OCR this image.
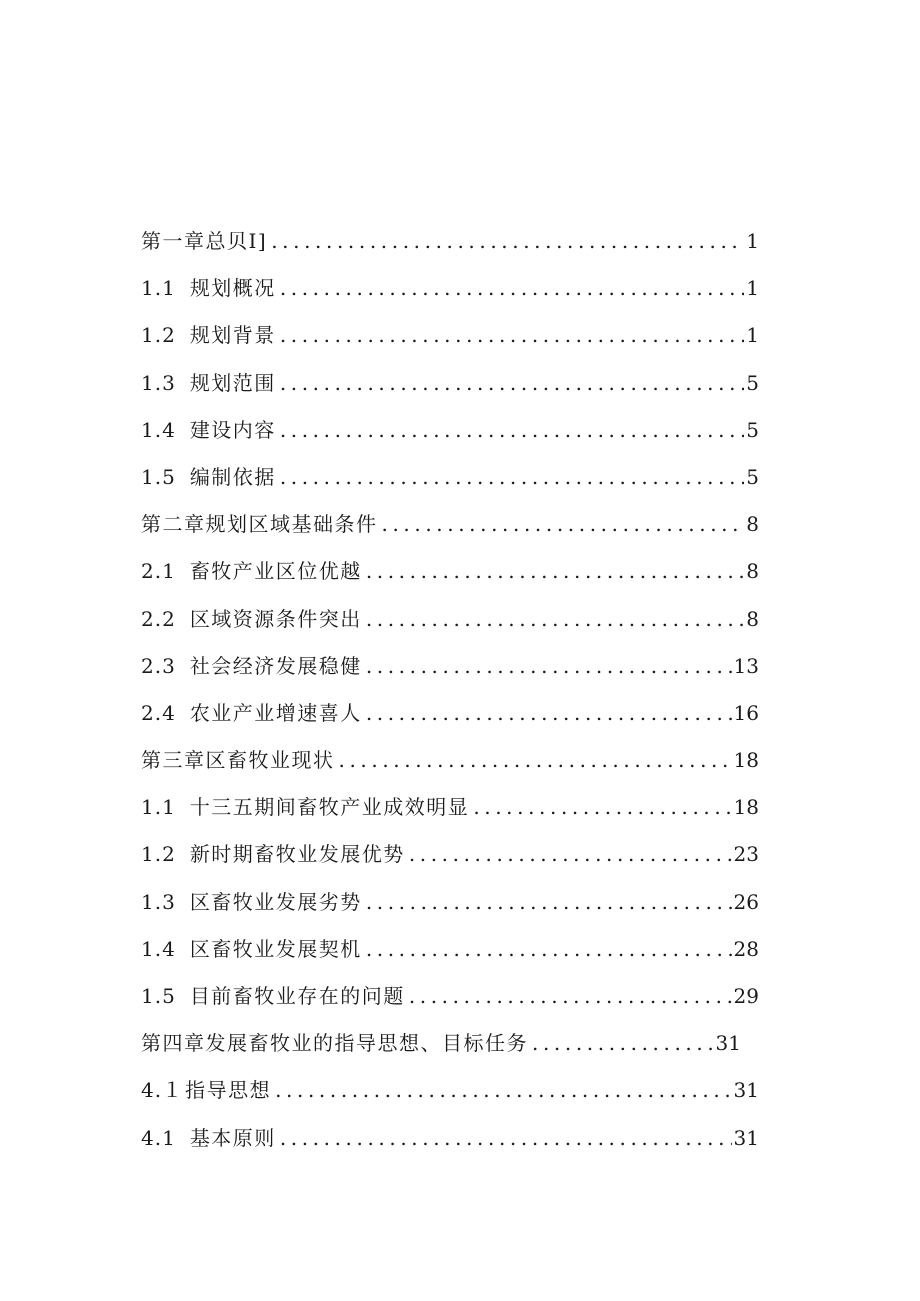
第一章总贝I] .....	1
1.1 规划概况 .....	1
1.2 规划背景 .....	1
1.3 规划范围 .....	5
1.4 建设内容 .....	5
1.5 编制依据 .....	5
第二章规划区域基础条件 .....	8
2.1 畜牧产业区位优越 .....	8
2.2 区域资源条件突出 .....	8
2.3 社会经济发展稳健 .....	13
2.4 农业产业增速喜人 .....	16
第三章区畜牧业现状 .....	18
1.1 十三五期间畜牧产业成效明显 .....	18
1.2 新时期畜牧业发展优势 .....	23
1.3 区畜牧业发展劣势 .....	26
1.4 区畜牧业发展契机 .....	28
1.5 目前畜牧业存在的问题 .....	29
第四章发展畜牧业的指导思想、目标任务 .....	31
4.１ 指导思想 .....	31
4.1 基本原则 .....	31
